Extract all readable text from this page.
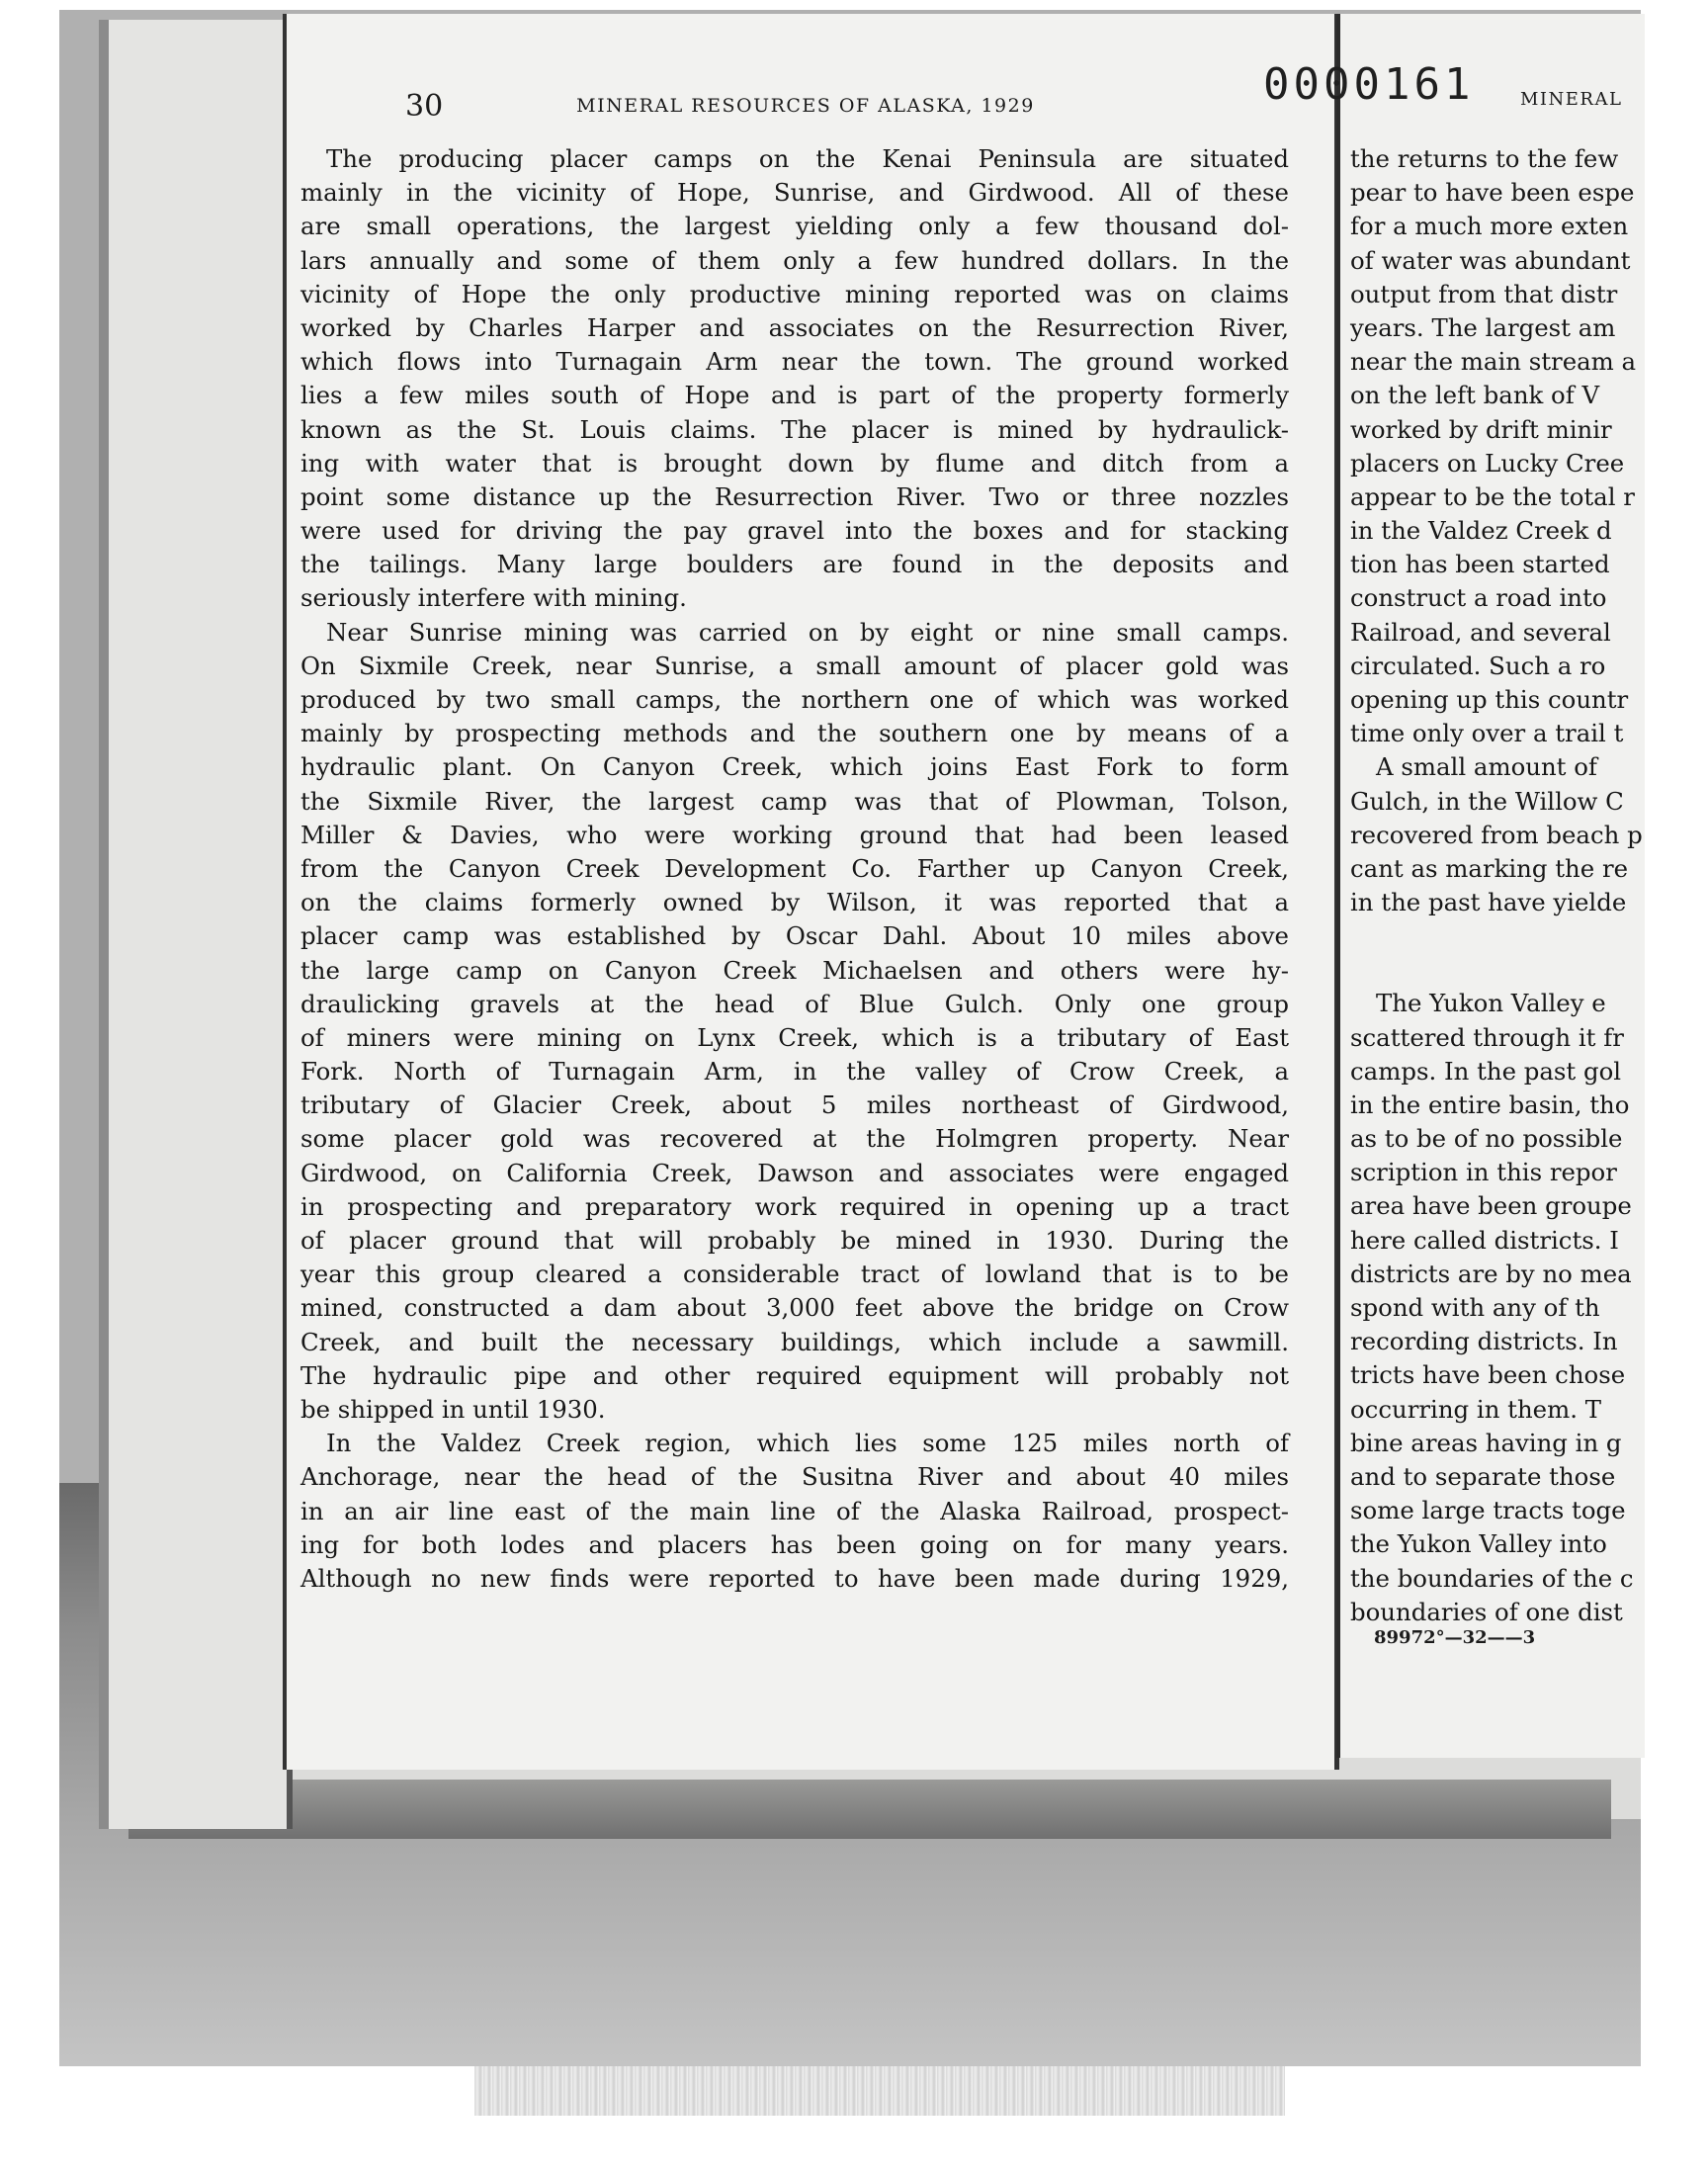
30	MINERAL RESOURCES OF ALASKA, 1929
The producing placer camps on the Kenai Peninsula are situated
mainly in the vicinity of Hope, Sunrise, and Girdwood. All of these
are small operations, the largest yielding only a few thousand dol-
lars annually and some of them only a few hundred dollars. In the
vicinity of Hope the only productive mining reported was on claims
worked by Charles Harper and associates on the Resurrection River,
which flows into Turnagain Arm near the town. The ground worked
lies a few miles south of Hope and is part of the property formerly
known as the St. Louis claims. The placer is mined by hydraulick-
ing with water that is brought down by flume and ditch from a
point some distance up the Resurrection River. Two or three nozzles
were used for driving the pay gravel into the boxes and for stacking
the tailings. Many large boulders are found in the deposits and
seriously interfere with mining.
Near Sunrise mining was carried on by eight or nine small camps.
On Sixmile Creek, near Sunrise, a small amount of placer gold was
produced by two small camps, the northern one of which was worked
mainly by prospecting methods and the southern one by means of a
hydraulic plant. On Canyon Creek, which joins East Fork to form
the Sixmile River, the largest camp was that of Plowman, Tolson,
Miller & Davies, who were working ground that had been leased
from the Canyon Creek Development Co. Farther up Canyon Creek,
on the claims formerly owned by Wilson, it was reported that a
placer camp was established by Oscar Dahl. About 10 miles above
the large camp on Canyon Creek Michaelsen and others were hy-
draulicking gravels at the head of Blue Gulch. Only one group
of miners were mining on Lynx Creek, which is a tributary of East
Fork. North of Turnagain Arm, in the valley of Crow Creek, a
tributary of Glacier Creek, about 5 miles northeast of Girdwood,
some placer gold was recovered at the Holmgren property. Near
Girdwood, on California Creek, Dawson and associates were engaged
in prospecting and preparatory work required in opening up a tract
of placer ground that will probably be mined in 1930. During the
year this group cleared a considerable tract of lowland that is to be
mined, constructed a dam about 3,000 feet above the bridge on Crow
Creek, and built the necessary buildings, which include a sawmill.
The hydraulic pipe and other required equipment will probably not
be shipped in until 1930.
In the Valdez Creek region, which lies some 125 miles north of
Anchorage, near the head of the Susitna River and about 40 miles
in an air line east of the main line of the Alaska Railroad, prospect-
ing for both lodes and placers has been going on for many years.
Although no new finds were reported to have been made during 1929,
MINERAL
the returns to the few
pear to have been espe
for a much more exten
of water was abundant
output from that distr
years. The largest am
near the main stream a
on the left bank of V
worked by drift minir
placers on Lucky Cree
appear to be the total r
in the Valdez Creek d
tion has been started
construct a road into
Railroad, and several
circulated. Such a ro
opening up this countr
time only over a trail t
A small amount of
Gulch, in the Willow C
recovered from beach p
cant as marking the re
in the past have yielde
The Yukon Valley e
scattered through it fr
camps. In the past gol
in the entire basin, tho
as to be of no possible
scription in this repor
area have been groupe
here called districts. I
districts are by no mea
spond with any of th
recording districts. In
tricts have been chose
occurring in them. T
bine areas having in g
and to separate those
some large tracts toge
the Yukon Valley into
the boundaries of the c
boundaries of one dist
89972°—32——3
0000161
